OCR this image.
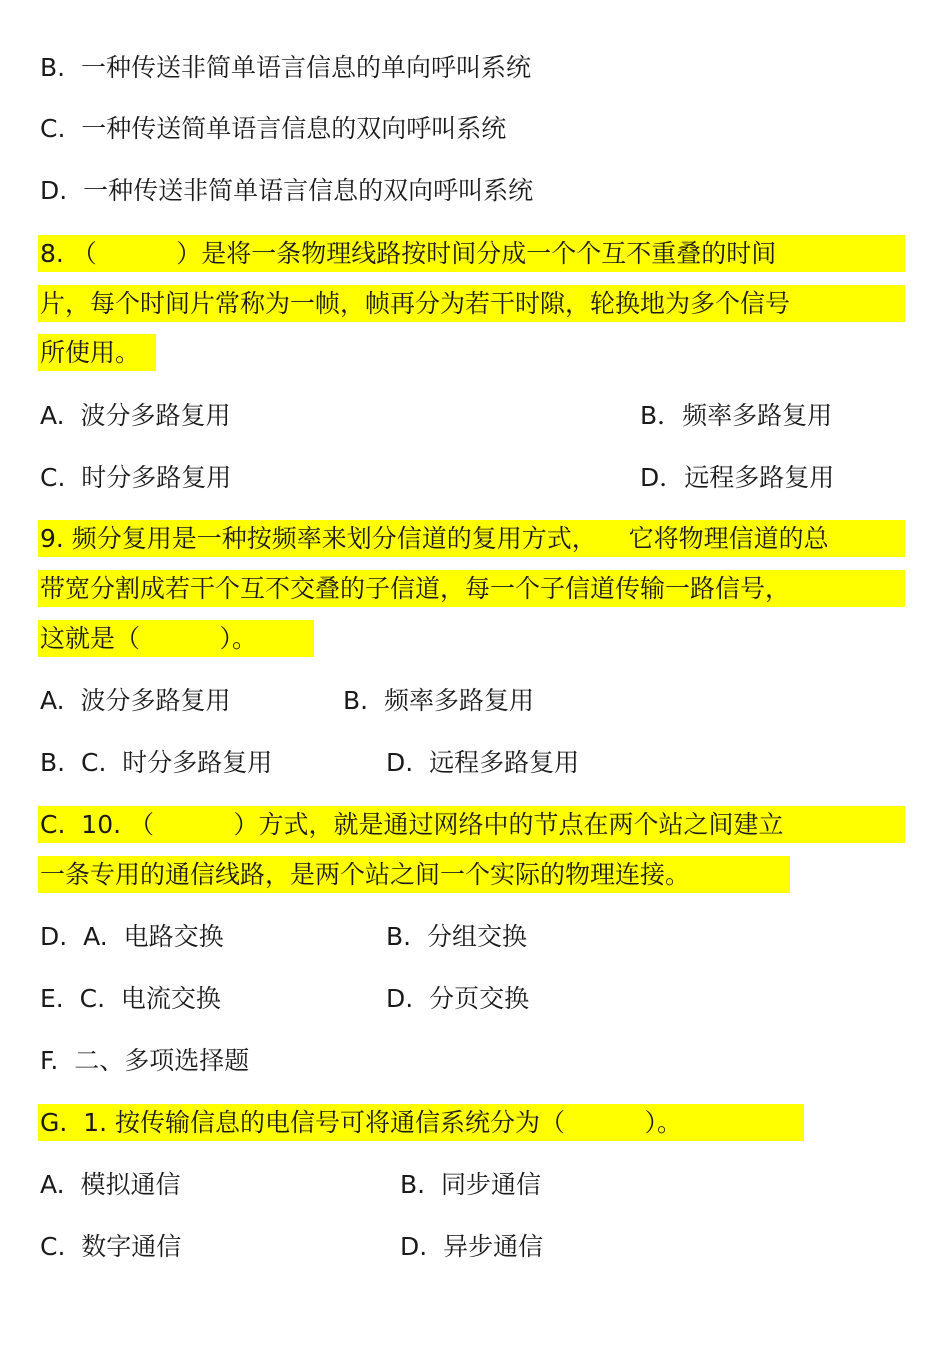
B.  一种传送非简单语言信息的单向呼叫系统
C.  一种传送简单语言信息的双向呼叫系统
D.  一种传送非简单语言信息的双向呼叫系统
8. （          ）是将一条物理线路按时间分成一个个互不重叠的时间
片，每个时间片常称为一帧，帧再分为若干时隙，轮换地为多个信号
所使用。
A.  波分多路复用	B．频率多路复用
C.  时分多路复用	D．远程多路复用
9. 频分复用是一种按频率来划分信道的复用方式，    它将物理信道的总
带宽分割成若干个互不交叠的子信道，每一个子信道传输一路信号，
这就是（          ）。
A.  波分多路复用	B.  频率多路复用
B.  C.  时分多路复用	D.  远程多路复用
C.  10. （          ）方式，就是通过网络中的节点在两个站之间建立
一条专用的通信线路，是两个站之间一个实际的物理连接。
D.  A.  电路交换	B.  分组交换
E.  C.  电流交换	D.  分页交换
F.  二、多项选择题
G.  1. 按传输信息的电信号可将通信系统分为（          ）。
A.  模拟通信	B.  同步通信
C.  数字通信	D.  异步通信
